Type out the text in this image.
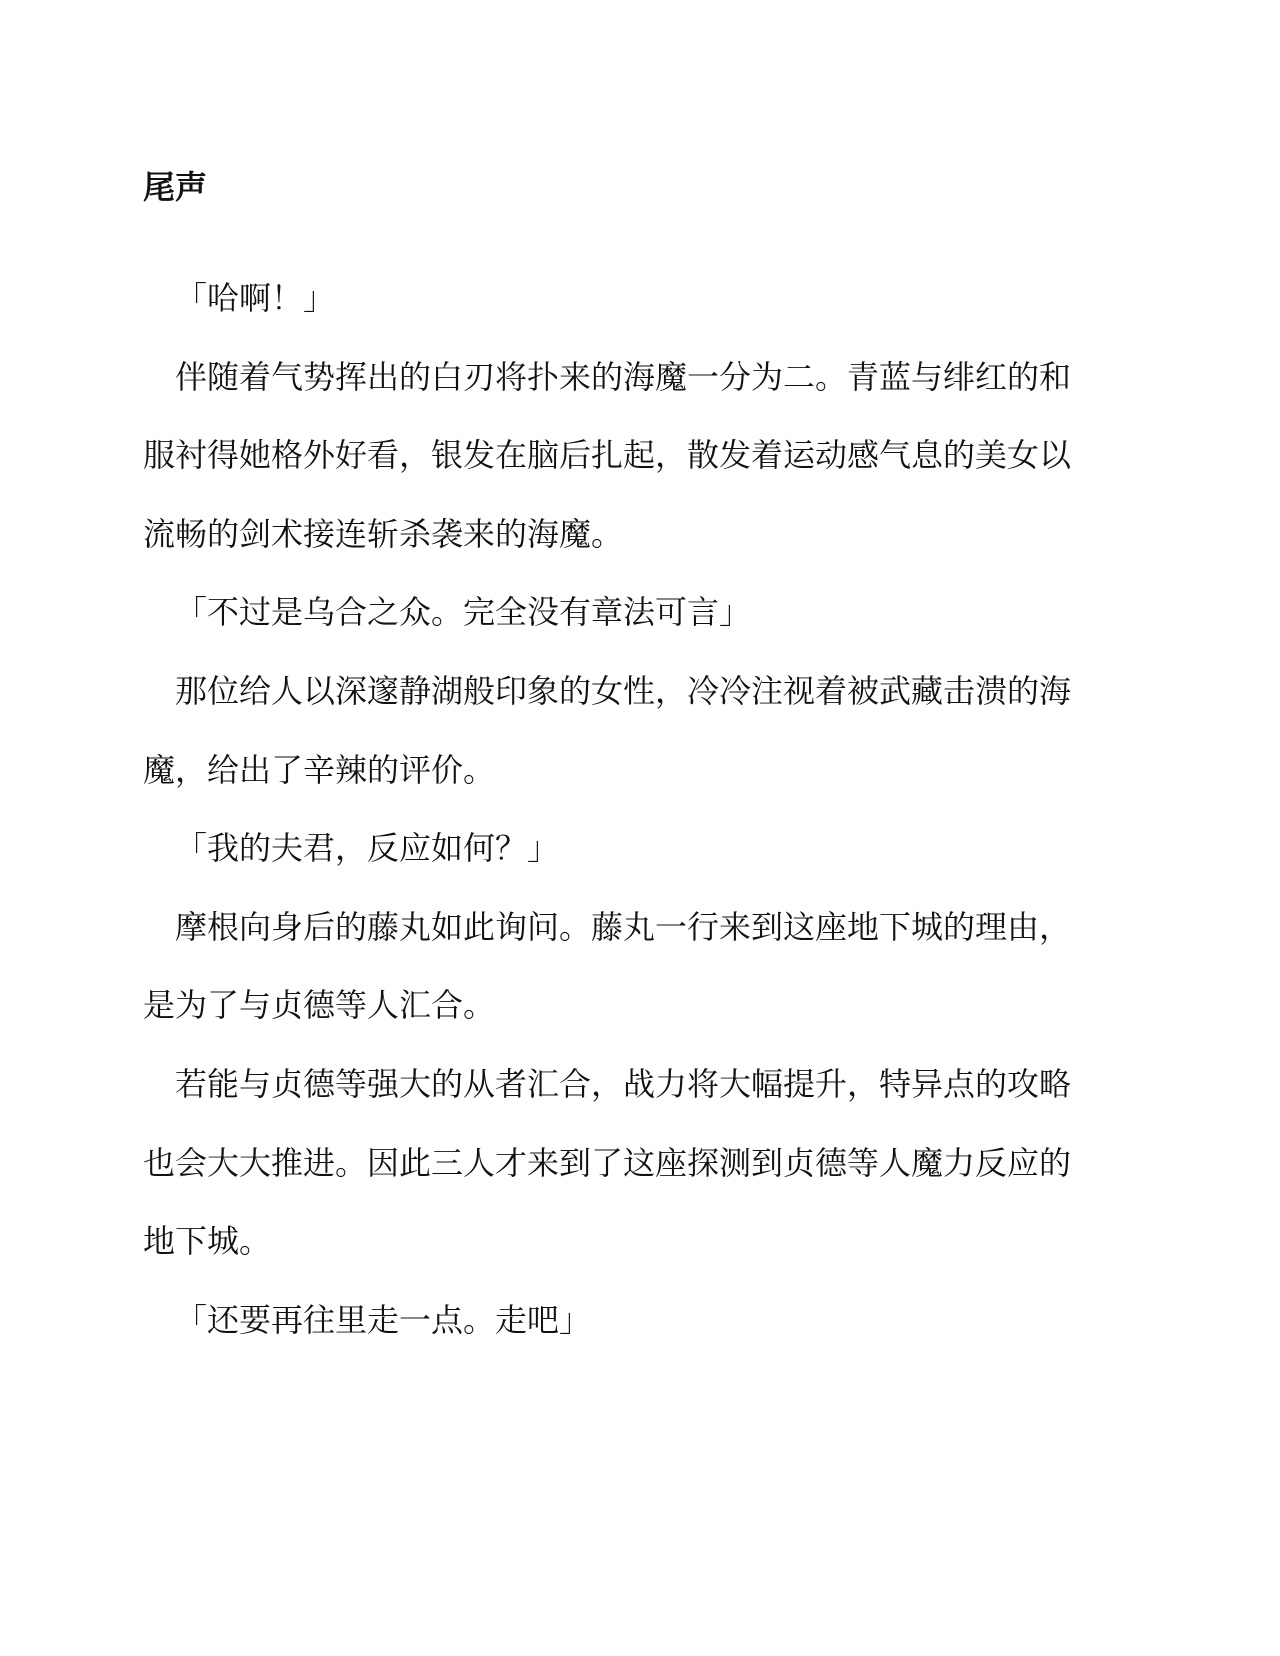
尾声

「哈啊！」

伴随着气势挥出的白刃将扑来的海魔一分为二。青蓝与绯红的和服衬得她格外好看，银发在脑后扎起，散发着运动感气息的美女以流畅的剑术接连斩杀袭来的海魔。

「不过是乌合之众。完全没有章法可言」

那位给人以深邃静湖般印象的女性，冷冷注视着被武藏击溃的海魔，给出了辛辣的评价。

「我的夫君，反应如何？」

摩根向身后的藤丸如此询问。藤丸一行来到这座地下城的理由，是为了与贞德等人汇合。

若能与贞德等强大的从者汇合，战力将大幅提升，特异点的攻略也会大大推进。因此三人才来到了这座探测到贞德等人魔力反应的地下城。

「还要再往里走一点。走吧」
